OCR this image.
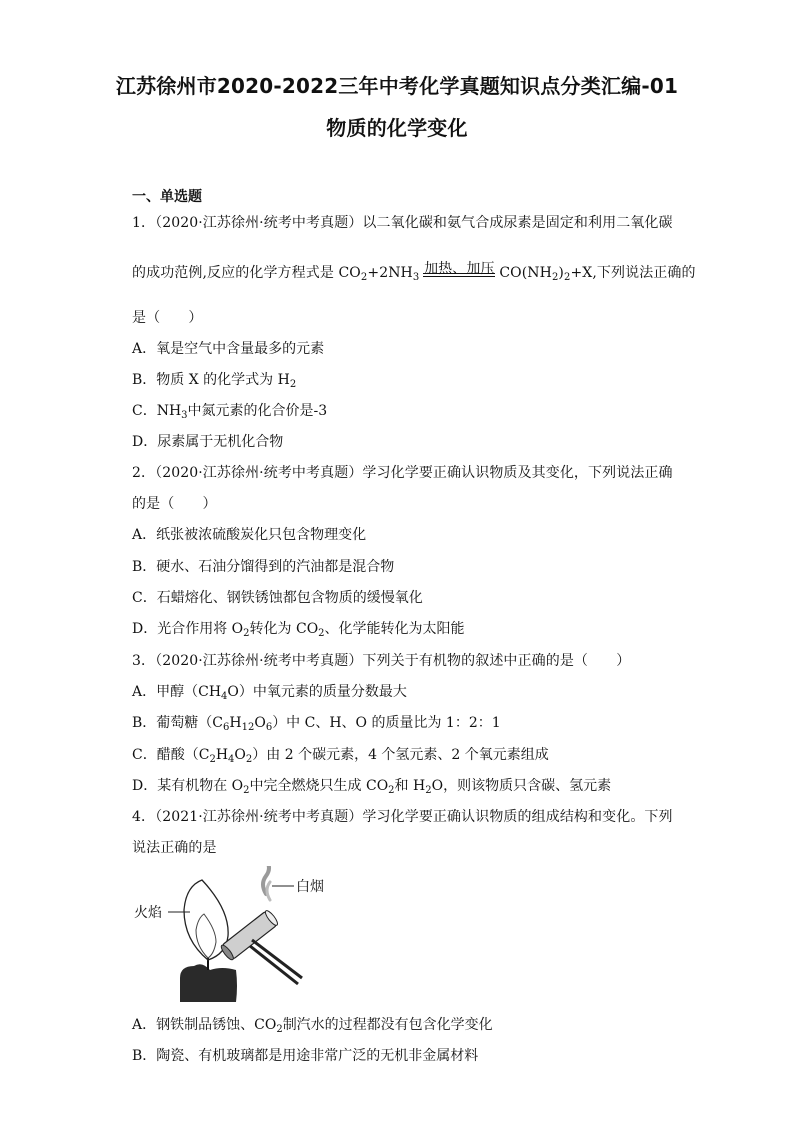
江苏徐州市2020-2022三年中考化学真题知识点分类汇编-01
物质的化学变化
一、单选题
1．（2020·江苏徐州·统考中考真题）以二氧化碳和氨气合成尿素是固定和利用二氧化碳
的成功范例,反应的化学方程式是 $CO_2+2NH_3$
加热、加压 $CO(NH_2)_2+X$,下列说法正确的
是（　　）
A．氧是空气中含量最多的元素
B．物质 X 的化学式为 $H_2$
C．$NH_3$中氮元素的化合价是-3
D．尿素属于无机化合物
2．（2020·江苏徐州·统考中考真题）学习化学要正确认识物质及其变化，下列说法正确
的是（　　）
A．纸张被浓硫酸炭化只包含物理变化
B．硬水、石油分馏得到的汽油都是混合物
C．石蜡熔化、钢铁锈蚀都包含物质的缓慢氧化
D．光合作用将 $O_2$转化为 $CO_2$、化学能转化为太阳能
3．（2020·江苏徐州·统考中考真题）下列关于有机物的叙述中正确的是（　　）
A．甲醇$(CH_4O)$中氧元素的质量分数最大
B．葡萄糖$(C_6H_{12}O_6)$中 C、H、O 的质量比为 1：2：1
C．醋酸$(C_2H_4O_2)$由 2 个碳元素，4 个氢元素、2 个氧元素组成
D．某有机物在 $O_2$中完全燃烧只生成 $CO_2$和 $H_2O$，则该物质只含碳、氢元素
4．（2021·江苏徐州·统考中考真题）学习化学要正确认识物质的组成结构和变化。下列
说法正确的是
火焰
白烟
A．钢铁制品锈蚀、$CO_2$制汽水的过程都没有包含化学变化
B．陶瓷、有机玻璃都是用途非常广泛的无机非金属材料
